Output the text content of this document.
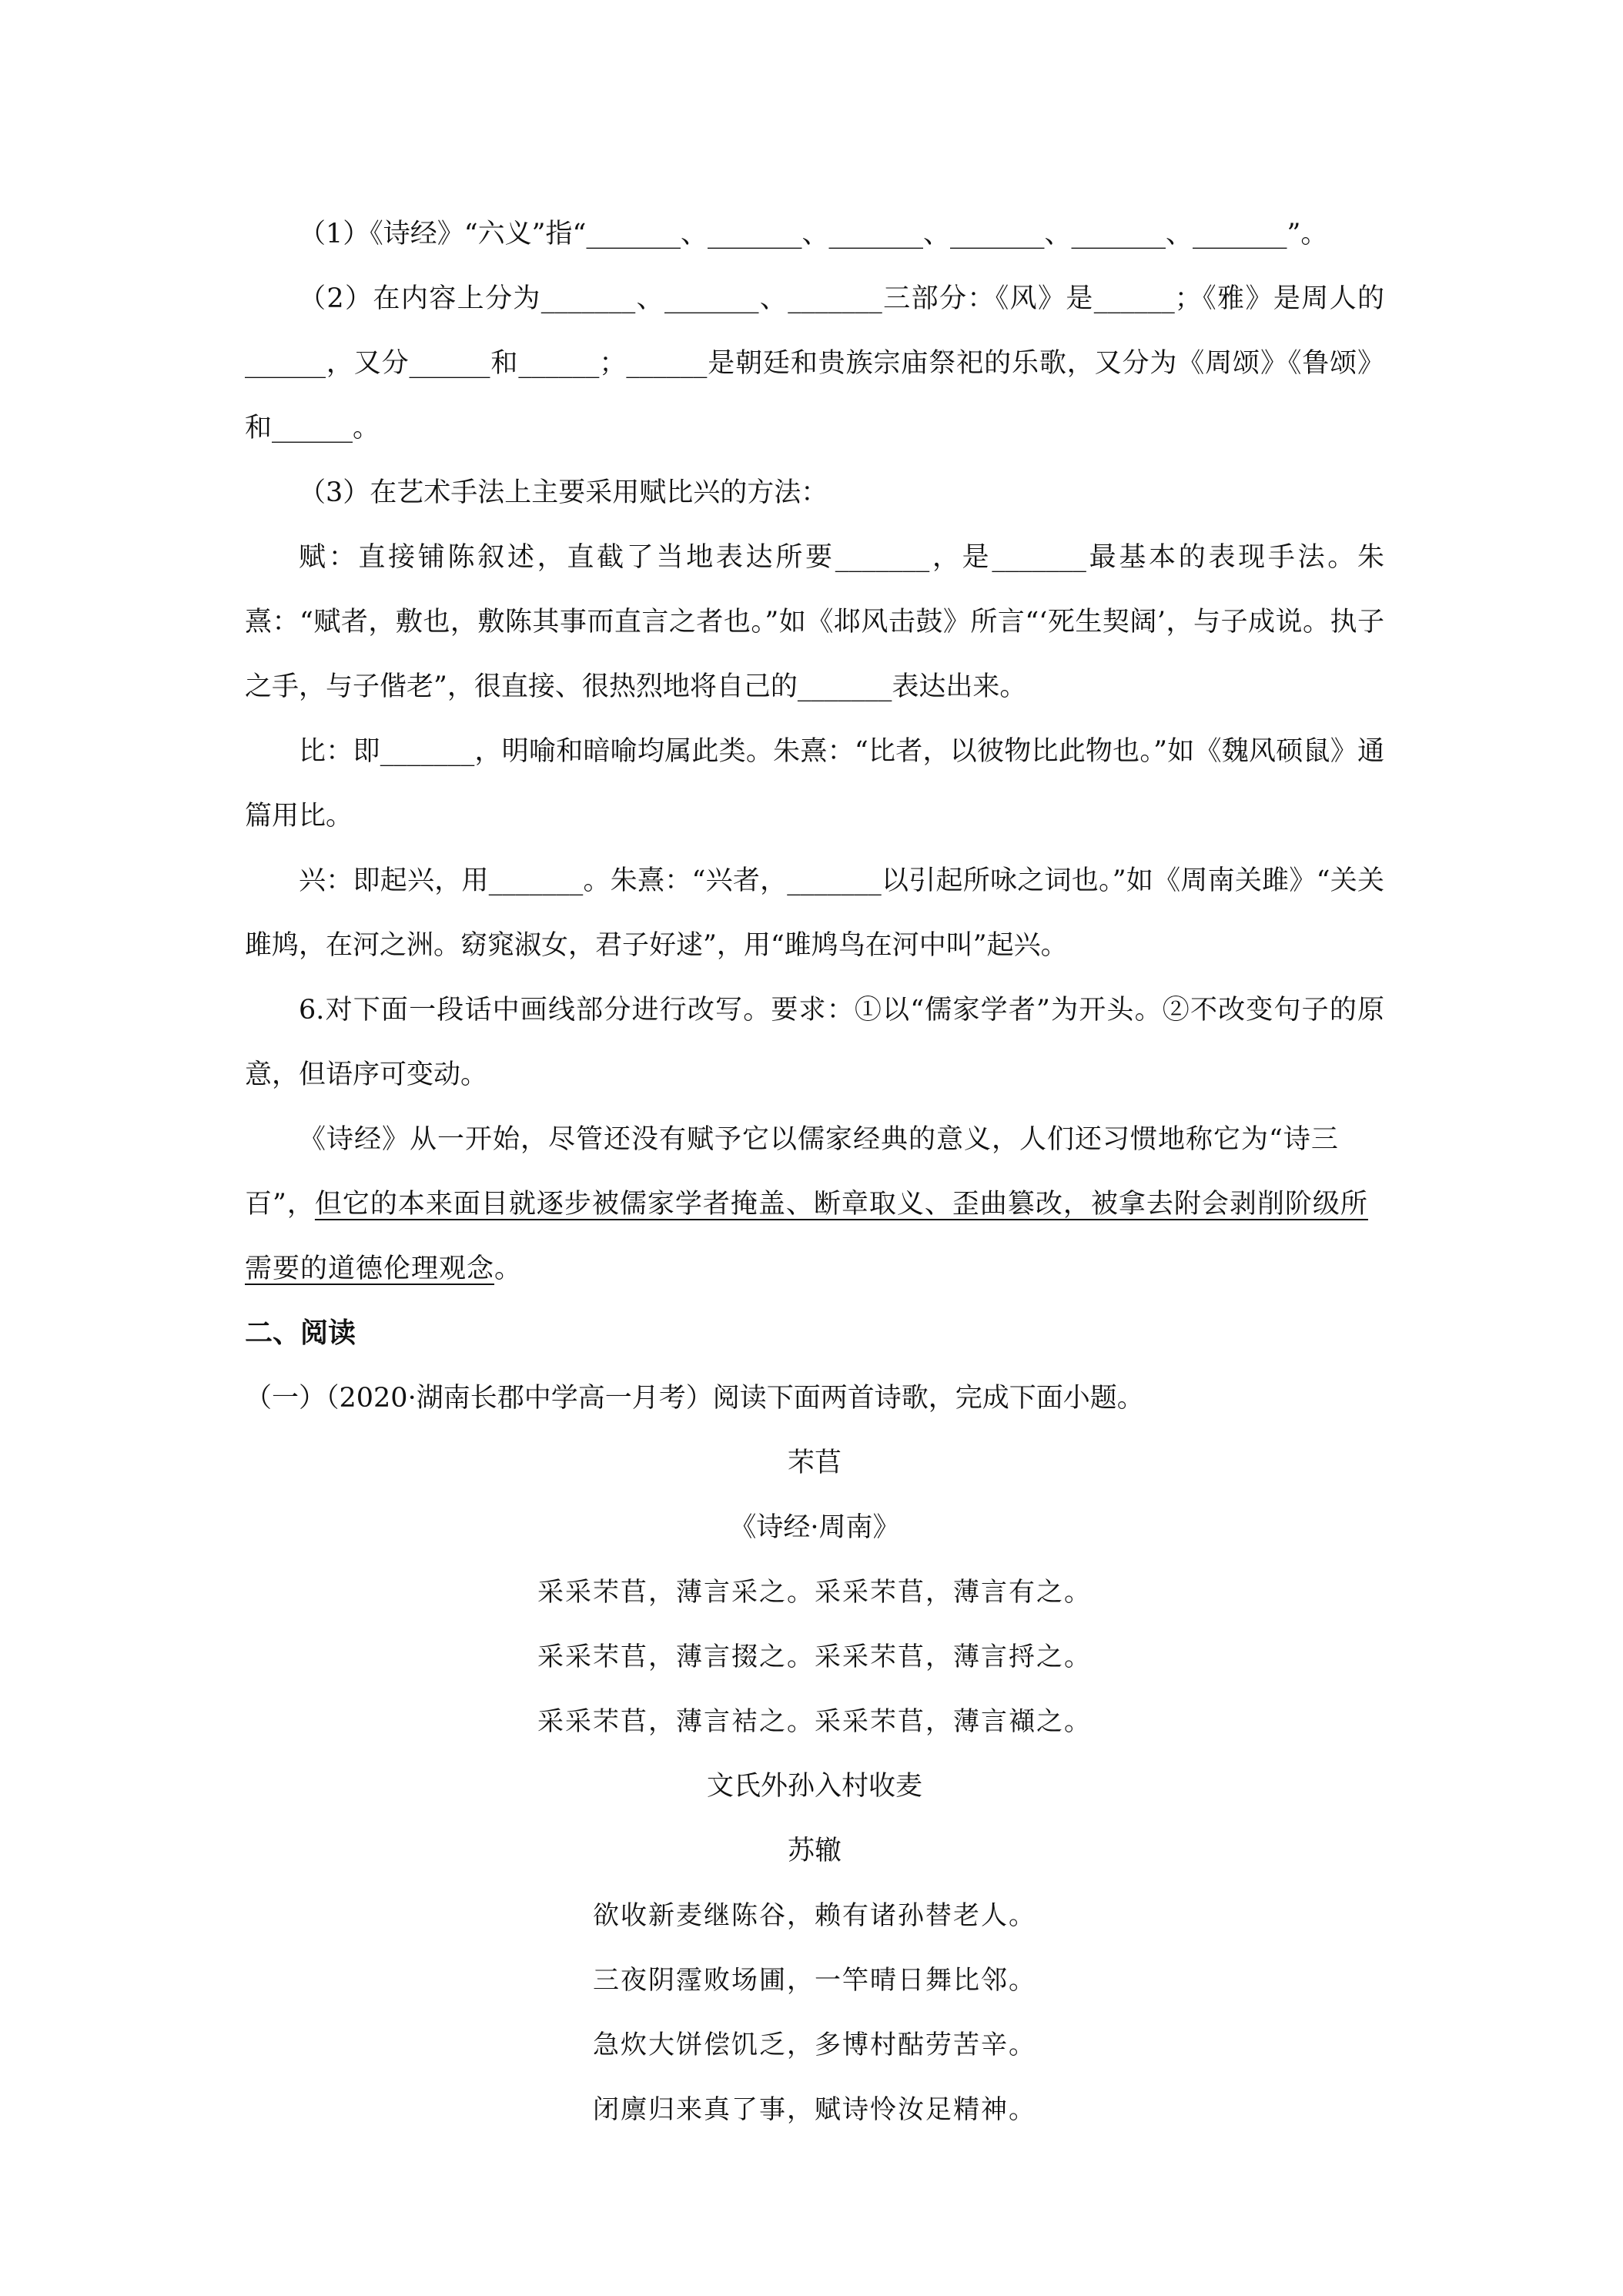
（1）《诗经》“六义”指“_______、_______、_______、_______、_______、_______”。

（2）在内容上分为_______、_______、_______三部分：《风》是______；《雅》是周人的______，又分______和______；______是朝廷和贵族宗庙祭祀的乐歌，又分为《周颂》《鲁颂》和______。

（3）在艺术手法上主要采用赋比兴的方法：

赋：直接铺陈叙述，直截了当地表达所要_______，是_______最基本的表现手法。朱熹：“赋者，敷也，敷陈其事而直言之者也。”如《邶风击鼓》所言“‘死生契阔’，与子成说。执子之手，与子偕老”，很直接、很热烈地将自己的_______表达出来。

比：即_______，明喻和暗喻均属此类。朱熹：“比者，以彼物比此物也。”如《魏风硕鼠》通篇用比。

兴：即起兴，用_______。朱熹：“兴者，_______以引起所咏之词也。”如《周南关雎》“关关雎鸠，在河之洲。窈窕淑女，君子好逑”，用“雎鸠鸟在河中叫”起兴。

6.对下面一段话中画线部分进行改写。要求：①以“儒家学者”为开头。②不改变句子的原意，但语序可变动。

《诗经》从一开始，尽管还没有赋予它以儒家经典的意义，人们还习惯地称它为“诗三百”，但它的本来面目就逐步被儒家学者掩盖、断章取义、歪曲篡改，被拿去附会剥削阶级所需要的道德伦理观念。

二、阅读

（一）（2020·湖南长郡中学高一月考）阅读下面两首诗歌，完成下面小题。

芣苢

《诗经·周南》

采采芣苢，薄言采之。采采芣苢，薄言有之。

采采芣苢，薄言掇之。采采芣苢，薄言捋之。

采采芣苢，薄言袺之。采采芣苢，薄言襭之。

文氏外孙入村收麦

苏辙

欲收新麦继陈谷，赖有诸孙替老人。

三夜阴霪败场圃，一竿晴日舞比邻。

急炊大饼偿饥乏，多博村酤劳苦辛。

闭廪归来真了事，赋诗怜汝足精神。
